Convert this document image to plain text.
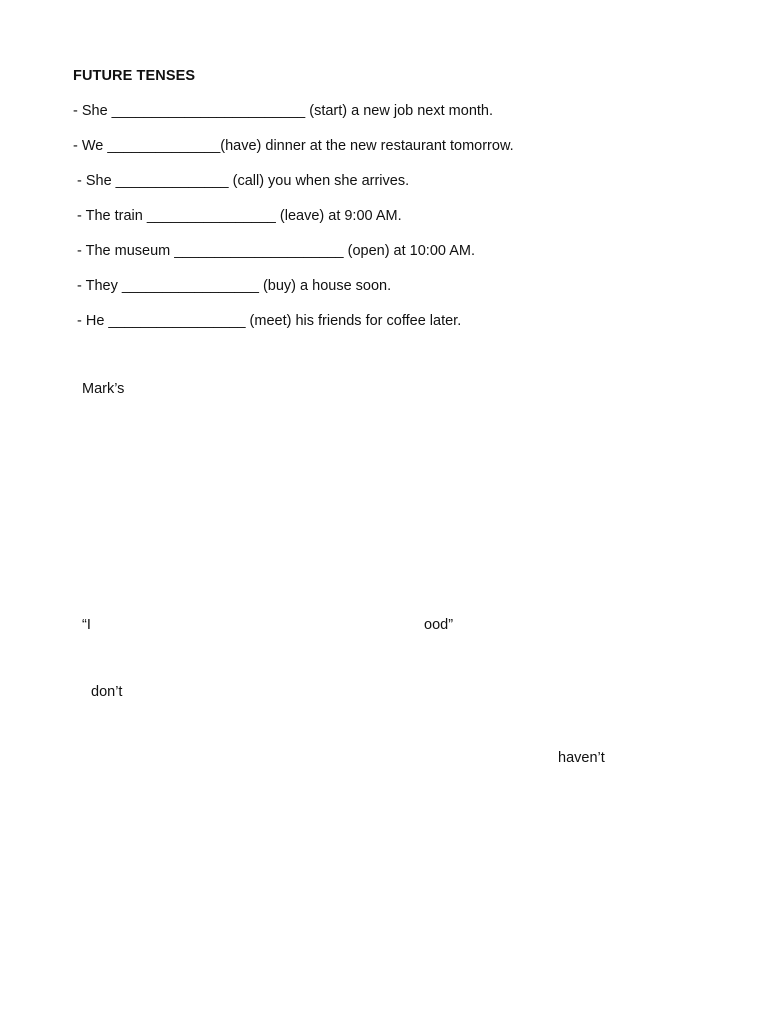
FUTURE TENSES
- She ________________________ (start) a new job next month.
- We ______________(have) dinner at the new restaurant tomorrow.
- She ______________ (call) you when she arrives.
- The train ________________ (leave) at 9:00 AM.
- The museum _____________________ (open) at 10:00 AM.
- They _________________ (buy) a house soon.
- He _________________ (meet) his friends for coffee later.
Mark’s
“I	ood”
don’t
haven’t
